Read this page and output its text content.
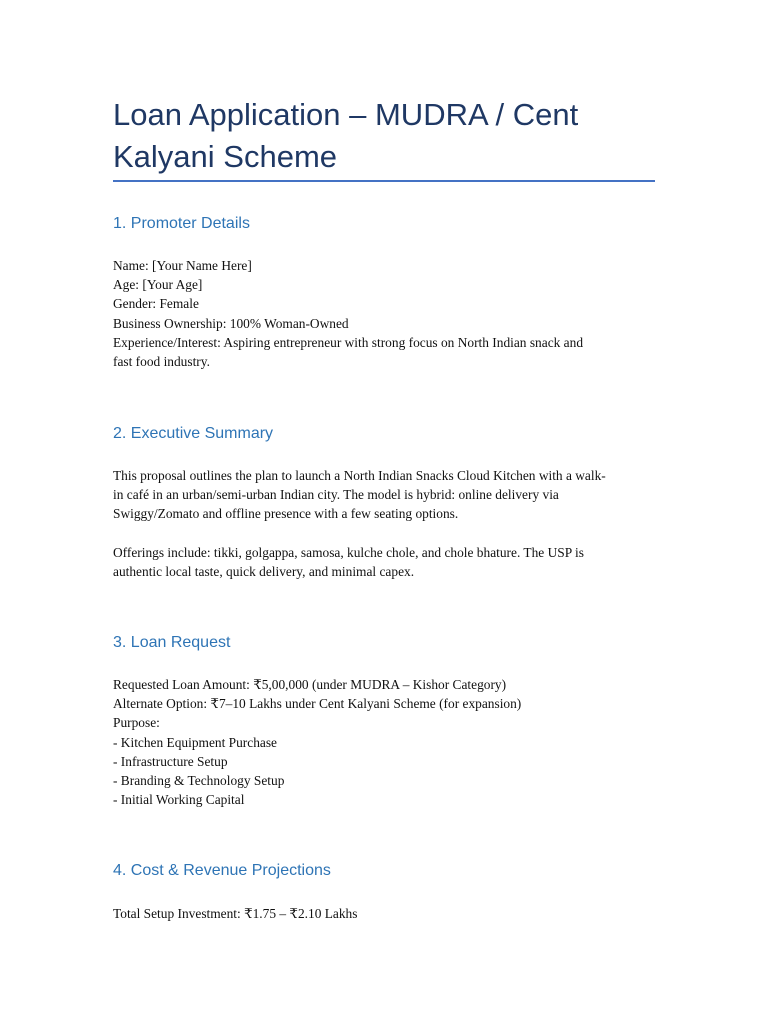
Loan Application – MUDRA / Cent Kalyani Scheme
1. Promoter Details
Name: [Your Name Here]
Age: [Your Age]
Gender: Female
Business Ownership: 100% Woman-Owned
Experience/Interest: Aspiring entrepreneur with strong focus on North Indian snack and
fast food industry.
2. Executive Summary
This proposal outlines the plan to launch a North Indian Snacks Cloud Kitchen with a walk-
in café in an urban/semi-urban Indian city. The model is hybrid: online delivery via
Swiggy/Zomato and offline presence with a few seating options.
Offerings include: tikki, golgappa, samosa, kulche chole, and chole bhature. The USP is
authentic local taste, quick delivery, and minimal capex.
3. Loan Request
Requested Loan Amount: ₹5,00,000 (under MUDRA – Kishor Category)
Alternate Option: ₹7–10 Lakhs under Cent Kalyani Scheme (for expansion)
Purpose:
- Kitchen Equipment Purchase
- Infrastructure Setup
- Branding & Technology Setup
- Initial Working Capital
4. Cost & Revenue Projections
Total Setup Investment: ₹1.75 – ₹2.10 Lakhs
